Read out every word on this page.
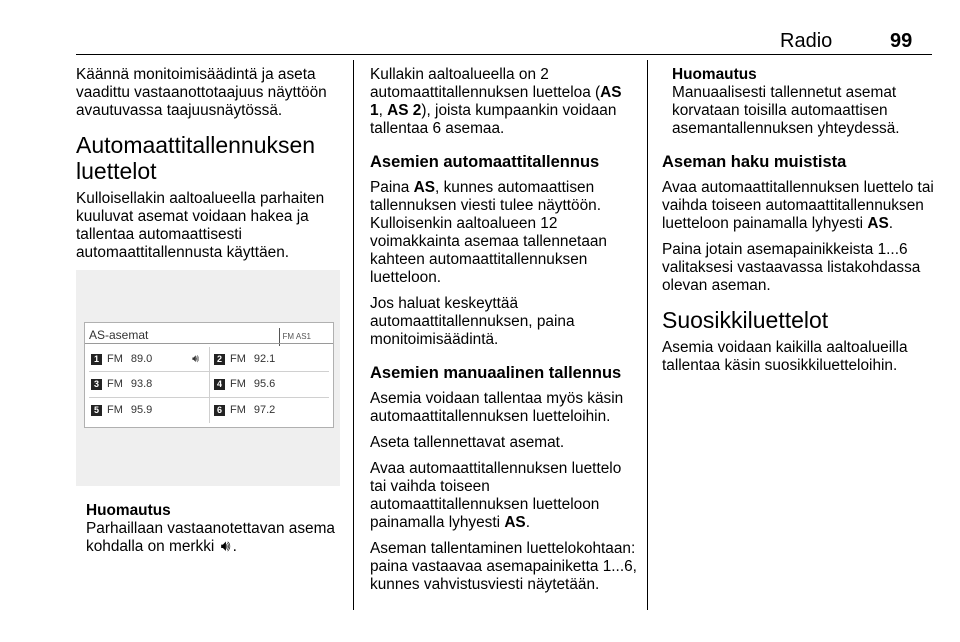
Radio	99

Käännä monitoimisäädintä ja aseta vaadittu vastaanottotaajuus näyttöön avautuvassa taajuusnäytössä.

Automaattitallennuksen luettelot

Kulloisellakin aaltoalueella parhaiten kuuluvat asemat voidaan hakea ja tallentaa automaattisesti automaattitallennusta käyttäen.

AS-asemat	FM AS1
1 FM 89.0	🔊︎	2 FM 92.1
3 FM 93.8	4 FM 95.6
5 FM 95.9	6 FM 97.2
Huomautus
Parhaillaan vastaanotettavan asema kohdalla on merkki 🔊︎ .

Kullakin aaltoalueella on 2 automaattitallennuksen luetteloa (AS 1, AS 2), joista kumpaankin voidaan tallentaa 6 asemaa.

Asemien automaattitallennus

Paina AS, kunnes automaattisen tallennuksen viesti tulee näyttöön. Kulloisenkin aaltoalueen 12 voimakkainta asemaa tallennetaan kahteen automaattitallennuksen luetteloon.

Jos haluat keskeyttää automaattitallennuksen, paina monitoimisäädintä.

Asemien manuaalinen tallennus

Asemia voidaan tallentaa myös käsin automaattitallennuksen luetteloihin.

Aseta tallennettavat asemat.

Avaa automaattitallennuksen luettelo tai vaihda toiseen automaattitallennuksen luetteloon painamalla lyhyesti AS.

Aseman tallentaminen luettelokohtaan: paina vastaavaa asemapainiketta 1...6, kunnes vahvistusviesti näytetään.

Huomautus
Manuaalisesti tallennetut asemat korvataan toisilla automaattisen asemantallennuksen yhteydessä.
Aseman haku muistista

Avaa automaattitallennuksen luettelo tai vaihda toiseen automaattitallennuksen luetteloon painamalla lyhyesti AS.

Paina jotain asemapainikkeista 1...6 valitaksesi vastaavassa listakohdassa olevan aseman.

Suosikkiluettelot

Asemia voidaan kaikilla aaltoalueilla tallentaa käsin suosikkiluetteloihin.
